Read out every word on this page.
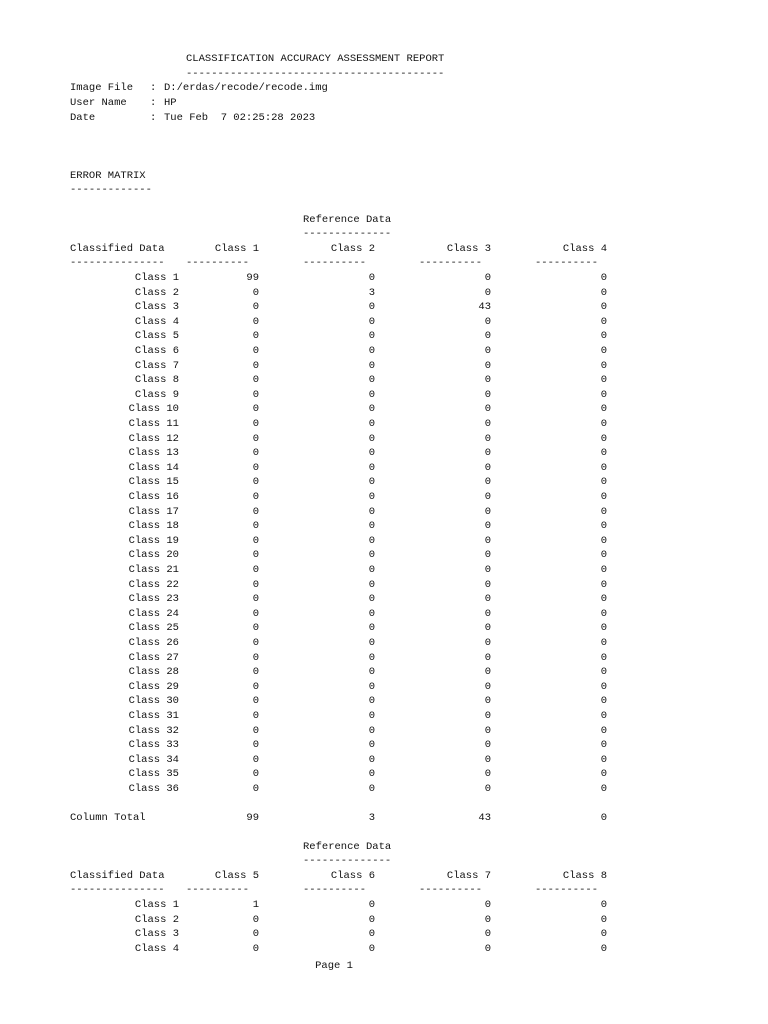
CLASSIFICATION ACCURACY ASSESSMENT REPORT
-----------------------------------------
Image File : D:/erdas/recode/recode.img
User Name : HP
Date	: Tue Feb  7 02:25:28 2023
ERROR MATRIX
-------------
Reference Data
--------------
Classified Data	Class 1	Class 2	Class 3	Class 4
--------------- ----------	----------	----------	----------
Class 1	99	0	0	0
Class 2	0	3	0	0
Class 3	0	0	43	0
Class 4	0	0	0	0
Class 5	0	0	0	0
Class 6	0	0	0	0
Class 7	0	0	0	0
Class 8	0	0	0	0
Class 9	0	0	0	0
Class 10	0	0	0	0
Class 11	0	0	0	0
Class 12	0	0	0	0
Class 13	0	0	0	0
Class 14	0	0	0	0
Class 15	0	0	0	0
Class 16	0	0	0	0
Class 17	0	0	0	0
Class 18	0	0	0	0
Class 19	0	0	0	0
Class 20	0	0	0	0
Class 21	0	0	0	0
Class 22	0	0	0	0
Class 23	0	0	0	0
Class 24	0	0	0	0
Class 25	0	0	0	0
Class 26	0	0	0	0
Class 27	0	0	0	0
Class 28	0	0	0	0
Class 29	0	0	0	0
Class 30	0	0	0	0
Class 31	0	0	0	0
Class 32	0	0	0	0
Class 33	0	0	0	0
Class 34	0	0	0	0
Class 35	0	0	0	0
Class 36	0	0	0	0
Column Total	99	3	43	0
Reference Data
--------------
Classified Data	Class 5	Class 6	Class 7	Class 8
--------------- ----------	----------	----------	----------
Class 1	1	0	0	0
Class 2	0	0	0	0
Class 3	0	0	0	0
Class 4	0	0	0	0
Page 1
